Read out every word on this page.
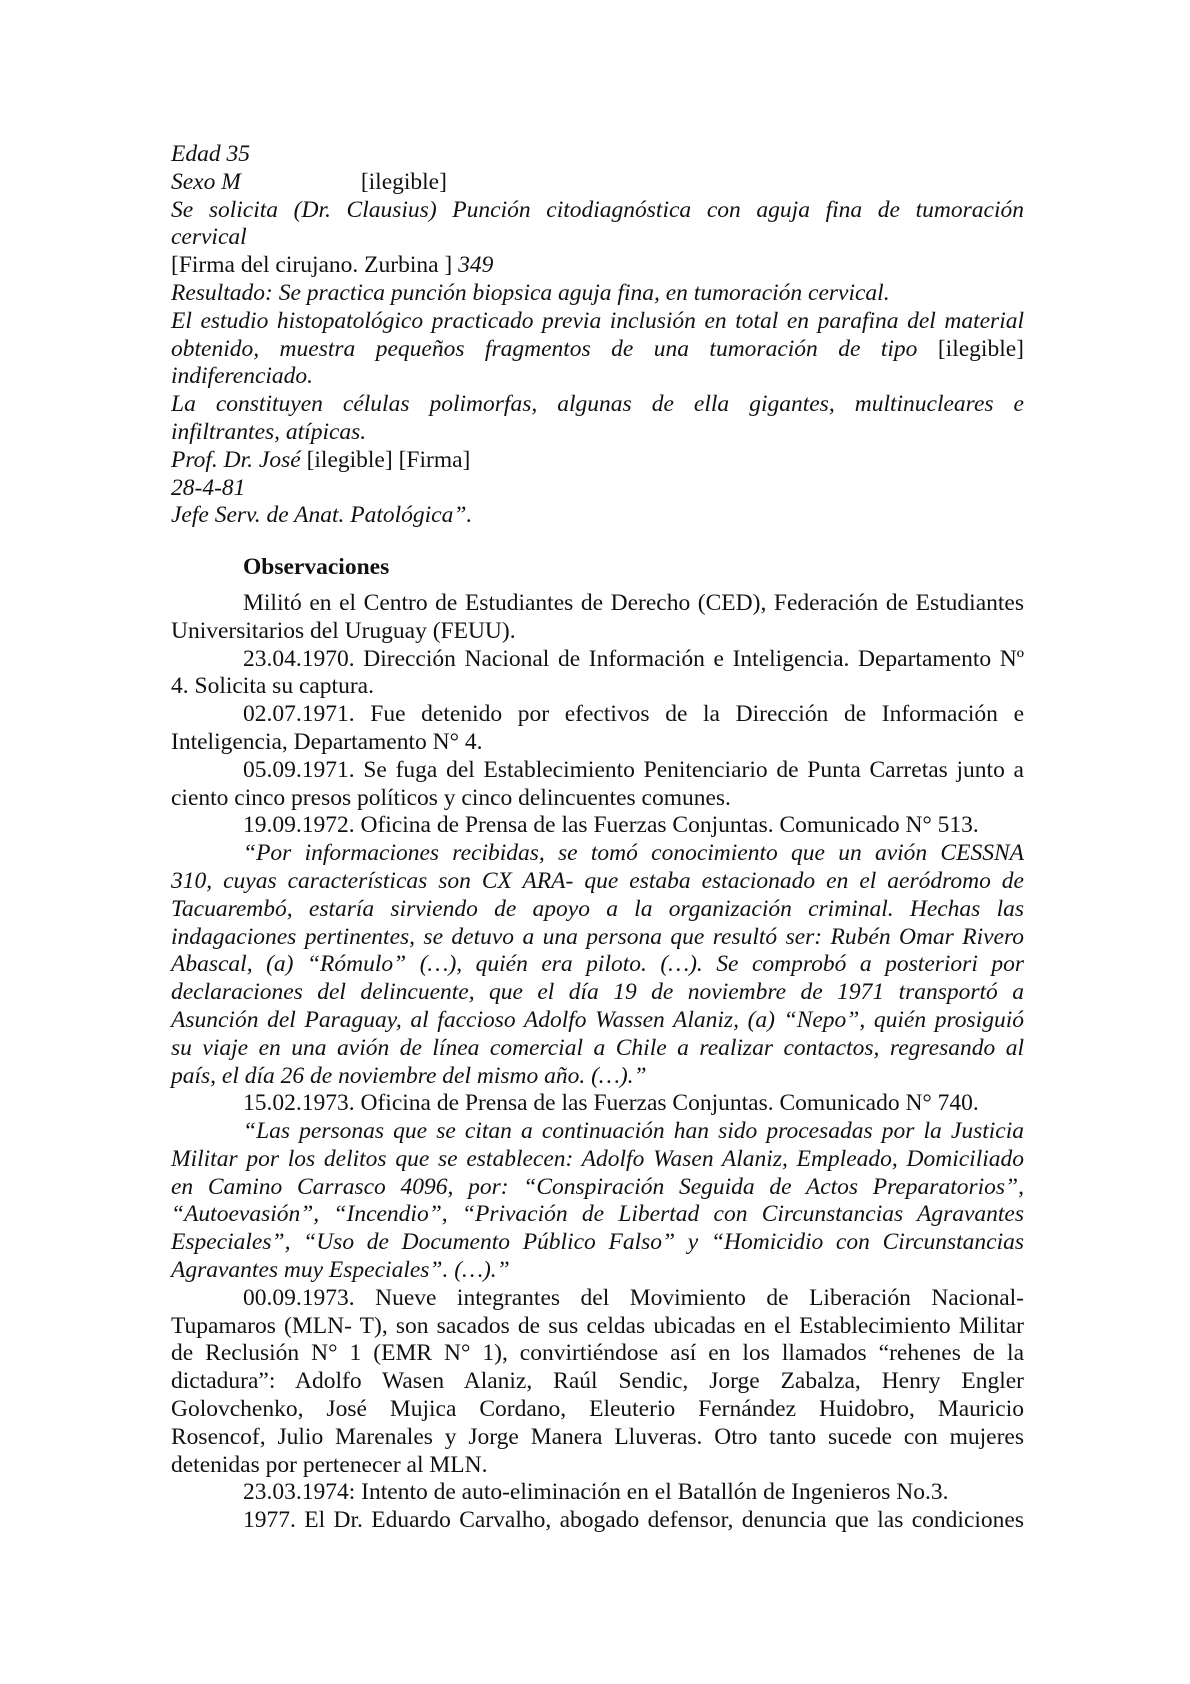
Edad 35
Sexo M	[ilegible]
Se solicita (Dr. Clausius) Punción citodiagnóstica con aguja fina de tumoración
cervical
[Firma del cirujano. Zurbina ] 349
Resultado: Se practica punción biopsica aguja fina, en tumoración cervical.
El estudio histopatológico practicado previa inclusión en total en parafina del material
obtenido, muestra pequeños fragmentos de una tumoración de tipo [ilegible]
indiferenciado.
La constituyen células polimorfas, algunas de ella gigantes, multinucleares e
infiltrantes, atípicas.
Prof. Dr. José [ilegible] [Firma]
28-4-81
Jefe Serv. de Anat. Patológica”.
Observaciones

Militó en el Centro de Estudiantes de Derecho (CED), Federación de Estudiantes
Universitarios del Uruguay (FEUU).

23.04.1970. Dirección Nacional de Información e Inteligencia. Departamento Nº
4. Solicita su captura.

02.07.1971. Fue detenido por efectivos de la Dirección de Información e
Inteligencia, Departamento N° 4.

05.09.1971. Se fuga del Establecimiento Penitenciario de Punta Carretas junto a
ciento cinco presos políticos y cinco delincuentes comunes.

19.09.1972. Oficina de Prensa de las Fuerzas Conjuntas. Comunicado N° 513.

“Por informaciones recibidas, se tomó conocimiento que un avión CESSNA
310, cuyas características son CX ARA- que estaba estacionado en el aeródromo de
Tacuarembó, estaría sirviendo de apoyo a la organización criminal. Hechas las
indagaciones pertinentes, se detuvo a una persona que resultó ser: Rubén Omar Rivero
Abascal, (a) “Rómulo” (…), quién era piloto. (…). Se comprobó a posteriori por
declaraciones del delincuente, que el día 19 de noviembre de 1971 transportó a
Asunción del Paraguay, al faccioso Adolfo Wassen Alaniz, (a) “Nepo”, quién prosiguió
su viaje en una avión de línea comercial a Chile a realizar contactos, regresando al
país, el día 26 de noviembre del mismo año. (…).”

15.02.1973. Oficina de Prensa de las Fuerzas Conjuntas. Comunicado N° 740.

“Las personas que se citan a continuación han sido procesadas por la Justicia
Militar por los delitos que se establecen: Adolfo Wasen Alaniz, Empleado, Domiciliado
en Camino Carrasco 4096, por: “Conspiración Seguida de Actos Preparatorios”,
“Autoevasión”, “Incendio”, “Privación de Libertad con Circunstancias Agravantes
Especiales”, “Uso de Documento Público Falso” y “Homicidio con Circunstancias
Agravantes muy Especiales”. (…).”

00.09.1973. Nueve integrantes del Movimiento de Liberación Nacional-
Tupamaros (MLN- T), son sacados de sus celdas ubicadas en el Establecimiento Militar
de Reclusión N° 1 (EMR N° 1), convirtiéndose así en los llamados “rehenes de la
dictadura”: Adolfo Wasen Alaniz, Raúl Sendic, Jorge Zabalza, Henry Engler
Golovchenko, José Mujica Cordano, Eleuterio Fernández Huidobro, Mauricio
Rosencof, Julio Marenales y Jorge Manera Lluveras. Otro tanto sucede con mujeres
detenidas por pertenecer al MLN.

23.03.1974: Intento de auto-eliminación en el Batallón de Ingenieros No.3.

1977. El Dr. Eduardo Carvalho, abogado defensor, denuncia que las condiciones
